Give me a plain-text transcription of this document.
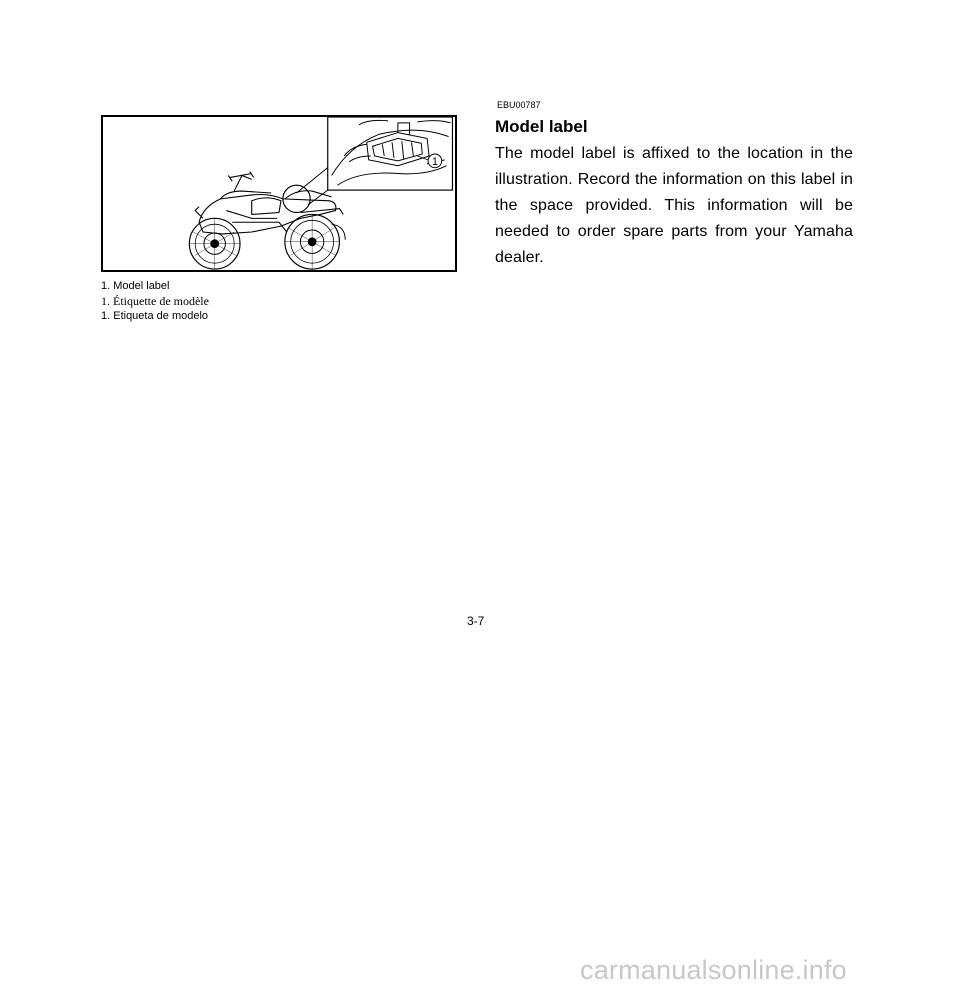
1
1. Model label
1. Étiquette de modèle
1. Etiqueta de modelo
EBU00787
Model label
The model label is affixed to the location in the illustration. Record the information on this label in the space provided. This information will be needed to order spare parts from your Yamaha dealer.
3-7
carmanualsonline.info
